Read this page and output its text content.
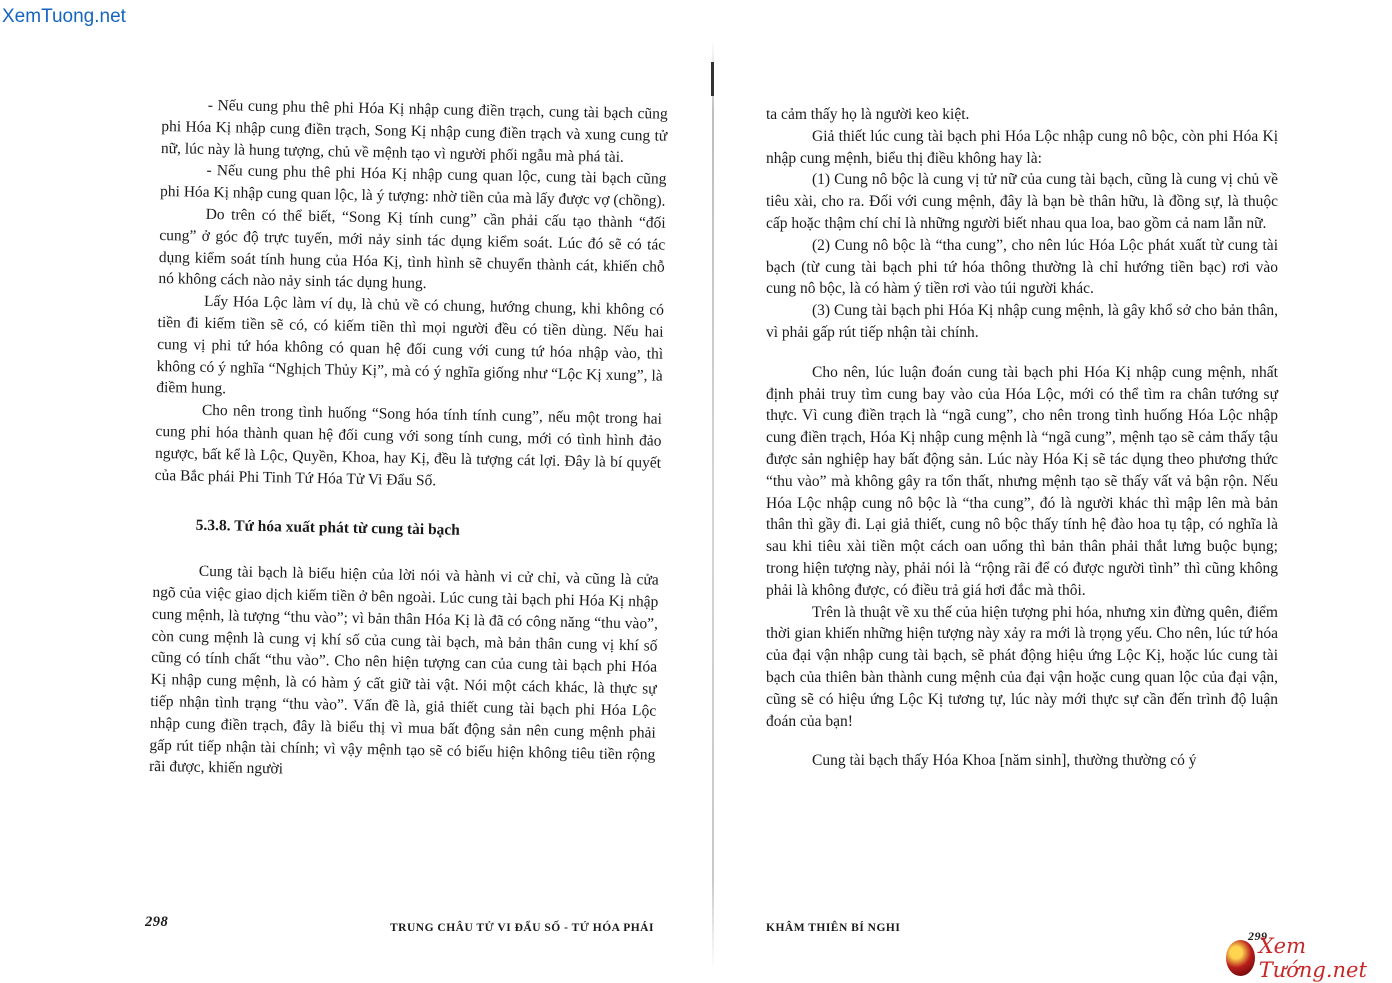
XemTuong.net

- Nếu cung phu thê phi Hóa Kị nhập cung điền trạch, cung tài bạch cũng phi Hóa Kị nhập cung điền trạch, Song Kị nhập cung điền trạch và xung cung tử nữ, lúc này là hung tượng, chủ về mệnh tạo vì người phối ngẫu mà phá tài.

- Nếu cung phu thê phi Hóa Kị nhập cung quan lộc, cung tài bạch cũng phi Hóa Kị nhập cung quan lộc, là ý tượng: nhờ tiền của mà lấy được vợ (chồng).

Do trên có thể biết, “Song Kị tính cung” cần phải cấu tạo thành “đối cung” ở góc độ trực tuyến, mới nảy sinh tác dụng kiểm soát. Lúc đó sẽ có tác dụng kiểm soát tính hung của Hóa Kị, tình hình sẽ chuyển thành cát, khiến chỗ nó không cách nào nảy sinh tác dụng hung.

Lấy Hóa Lộc làm ví dụ, là chủ về có chung, hướng chung, khi không có tiền đi kiếm tiền sẽ có, có kiếm tiền thì mọi người đều có tiền dùng. Nếu hai cung vị phi tứ hóa không có quan hệ đối cung với cung tứ hóa nhập vào, thì không có ý nghĩa “Nghịch Thủy Kị”, mà có ý nghĩa giống như “Lộc Kị xung”, là điềm hung.

Cho nên trong tình huống “Song hóa tính tính cung”, nếu một trong hai cung phi hóa thành quan hệ đối cung với song tính cung, mới có tình hình đảo ngược, bất kể là Lộc, Quyền, Khoa, hay Kị, đều là tượng cát lợi. Đây là bí quyết của Bắc phái Phi Tinh Tứ Hóa Tử Vi Đẩu Số.

5.3.8. Tứ hóa xuất phát từ cung tài bạch

Cung tài bạch là biểu hiện của lời nói và hành vi cử chỉ, và cũng là cửa ngõ của việc giao dịch kiếm tiền ở bên ngoài. Lúc cung tài bạch phi Hóa Kị nhập cung mệnh, là tượng “thu vào”; vì bản thân Hóa Kị là đã có công năng “thu vào”, còn cung mệnh là cung vị khí số của cung tài bạch, mà bản thân cung vị khí số cũng có tính chất “thu vào”. Cho nên hiện tượng can của cung tài bạch phi Hóa Kị nhập cung mệnh, là có hàm ý cất giữ tài vật. Nói một cách khác, là thực sự tiếp nhận tình trạng “thu vào”. Vấn đề là, giả thiết cung tài bạch phi Hóa Lộc nhập cung điền trạch, đây là biểu thị vì mua bất động sản nên cung mệnh phải gấp rút tiếp nhận tài chính; vì vậy mệnh tạo sẽ có biểu hiện không tiêu tiền rộng rãi được, khiến người

298	TRUNG CHÂU TỬ VI ĐẨU SỐ - TỨ HÓA PHÁI

ta cảm thấy họ là người keo kiệt.

Giả thiết lúc cung tài bạch phi Hóa Lộc nhập cung nô bộc, còn phi Hóa Kị nhập cung mệnh, biểu thị điều không hay là:

(1) Cung nô bộc là cung vị tử nữ của cung tài bạch, cũng là cung vị chủ về tiêu xài, cho ra. Đối với cung mệnh, đây là bạn bè thân hữu, là đồng sự, là thuộc cấp hoặc thậm chí chỉ là những người biết nhau qua loa, bao gồm cả nam lẫn nữ.

(2) Cung nô bộc là “tha cung”, cho nên lúc Hóa Lộc phát xuất từ cung tài bạch (từ cung tài bạch phi tứ hóa thông thường là chỉ hướng tiền bạc) rơi vào cung nô bộc, là có hàm ý tiền rơi vào túi người khác.

(3) Cung tài bạch phi Hóa Kị nhập cung mệnh, là gây khổ sở cho bản thân, vì phải gấp rút tiếp nhận tài chính.

Cho nên, lúc luận đoán cung tài bạch phi Hóa Kị nhập cung mệnh, nhất định phải truy tìm cung bay vào của Hóa Lộc, mới có thể tìm ra chân tướng sự thực. Vì cung điền trạch là “ngã cung”, cho nên trong tình huống Hóa Lộc nhập cung điền trạch, Hóa Kị nhập cung mệnh là “ngã cung”, mệnh tạo sẽ cảm thấy tậu được sản nghiệp hay bất động sản. Lúc này Hóa Kị sẽ tác dụng theo phương thức “thu vào” mà không gây ra tổn thất, nhưng mệnh tạo sẽ thấy vất vả bận rộn. Nếu Hóa Lộc nhập cung nô bộc là “tha cung”, đó là người khác thì mập lên mà bản thân thì gầy đi. Lại giả thiết, cung nô bộc thấy tính hệ đào hoa tụ tập, có nghĩa là sau khi tiêu xài tiền một cách oan uổng thì bản thân phải thắt lưng buộc bụng; trong hiện tượng này, phải nói là “rộng rãi để có được người tình” thì cũng không phải là không được, có điều trả giá hơi đắc mà thôi.

Trên là thuật về xu thế của hiện tượng phi hóa, nhưng xin đừng quên, điểm thời gian khiến những hiện tượng này xảy ra mới là trọng yếu. Cho nên, lúc tứ hóa của đại vận nhập cung tài bạch, sẽ phát động hiệu ứng Lộc Kị, hoặc lúc cung tài bạch của thiên bàn thành cung mệnh của đại vận hoặc cung quan lộc của đại vận, cũng sẽ có hiệu ứng Lộc Kị tương tự, lúc này mới thực sự cần đến trình độ luận đoán của bạn!

Cung tài bạch thấy Hóa Khoa [năm sinh], thường thường có ý

KHÂM THIÊN BÍ NGHI
299
Xem Tướng.net
